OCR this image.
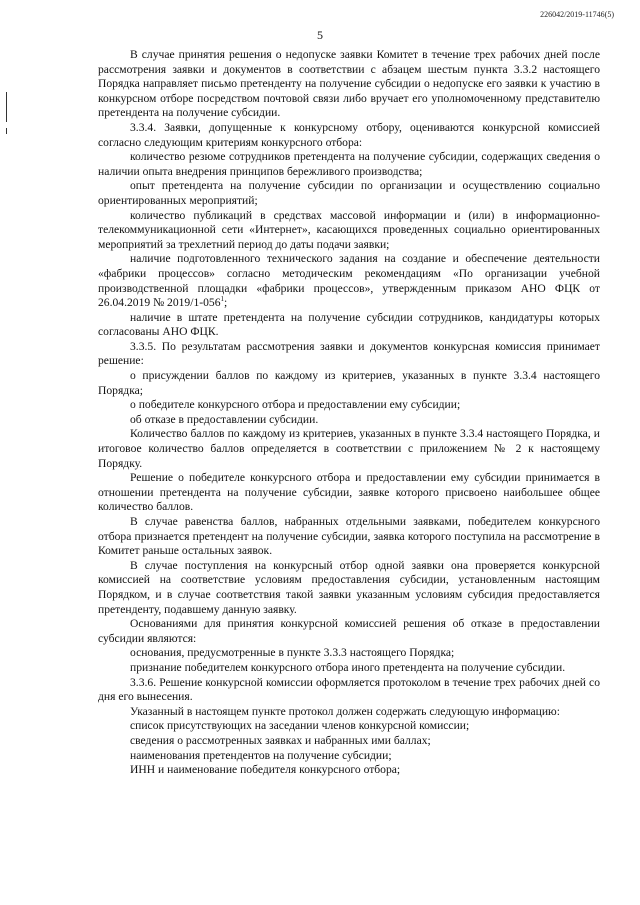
226042/2019-11746(5)
5

В случае принятия решения о недопуске заявки Комитет в течение трех рабочих дней после рассмотрения заявки и документов в соответствии с абзацем шестым пункта 3.3.2 настоящего Порядка направляет письмо претенденту на получение субсидии о недопуске его заявки к участию в конкурсном отборе посредством почтовой связи либо вручает его уполномоченному представителю претендента на получение субсидии.

3.3.4. Заявки, допущенные к конкурсному отбору, оцениваются конкурсной комиссией согласно следующим критериям конкурсного отбора:

количество резюме сотрудников претендента на получение субсидии, содержащих сведения о наличии опыта внедрения принципов бережливого производства;

опыт претендента на получение субсидии по организации и осуществлению социально ориентированных мероприятий;

количество публикаций в средствах массовой информации и (или) в информационно-телекоммуникационной сети «Интернет», касающихся проведенных социально ориентированных мероприятий за трехлетний период до даты подачи заявки;

наличие подготовленного технического задания на создание и обеспечение деятельности «фабрики процессов» согласно методическим рекомендациям «По организации учебной производственной площадки «фабрики процессов», утвержденным приказом АНО ФЦК от 26.04.2019 № $2019/1-056^1$;

наличие в штате претендента на получение субсидии сотрудников, кандидатуры которых согласованы АНО ФЦК.

3.3.5. По результатам рассмотрения заявки и документов конкурсная комиссия принимает решение:

о присуждении баллов по каждому из критериев, указанных в пункте 3.3.4 настоящего Порядка;

о победителе конкурсного отбора и предоставлении ему субсидии;

об отказе в предоставлении субсидии.

Количество баллов по каждому из критериев, указанных в пункте 3.3.4 настоящего Порядка, и итоговое количество баллов определяется в соответствии с приложением № 2 к настоящему Порядку.

Решение о победителе конкурсного отбора и предоставлении ему субсидии принимается в отношении претендента на получение субсидии, заявке которого присвоено наибольшее общее количество баллов.

В случае равенства баллов, набранных отдельными заявками, победителем конкурсного отбора признается претендент на получение субсидии, заявка которого поступила на рассмотрение в Комитет раньше остальных заявок.

В случае поступления на конкурсный отбор одной заявки она проверяется конкурсной комиссией на соответствие условиям предоставления субсидии, установленным настоящим Порядком, и в случае соответствия такой заявки указанным условиям субсидия предоставляется претенденту, подавшему данную заявку.

Основаниями для принятия конкурсной комиссией решения об отказе в предоставлении субсидии являются:

основания, предусмотренные в пункте 3.3.3 настоящего Порядка;

признание победителем конкурсного отбора иного претендента на получение субсидии.

3.3.6. Решение конкурсной комиссии оформляется протоколом в течение трех рабочих дней со дня его вынесения.

Указанный в настоящем пункте протокол должен содержать следующую информацию:

список присутствующих на заседании членов конкурсной комиссии;

сведения о рассмотренных заявках и набранных ими баллах;

наименования претендентов на получение субсидии;

ИНН и наименование победителя конкурсного отбора;
